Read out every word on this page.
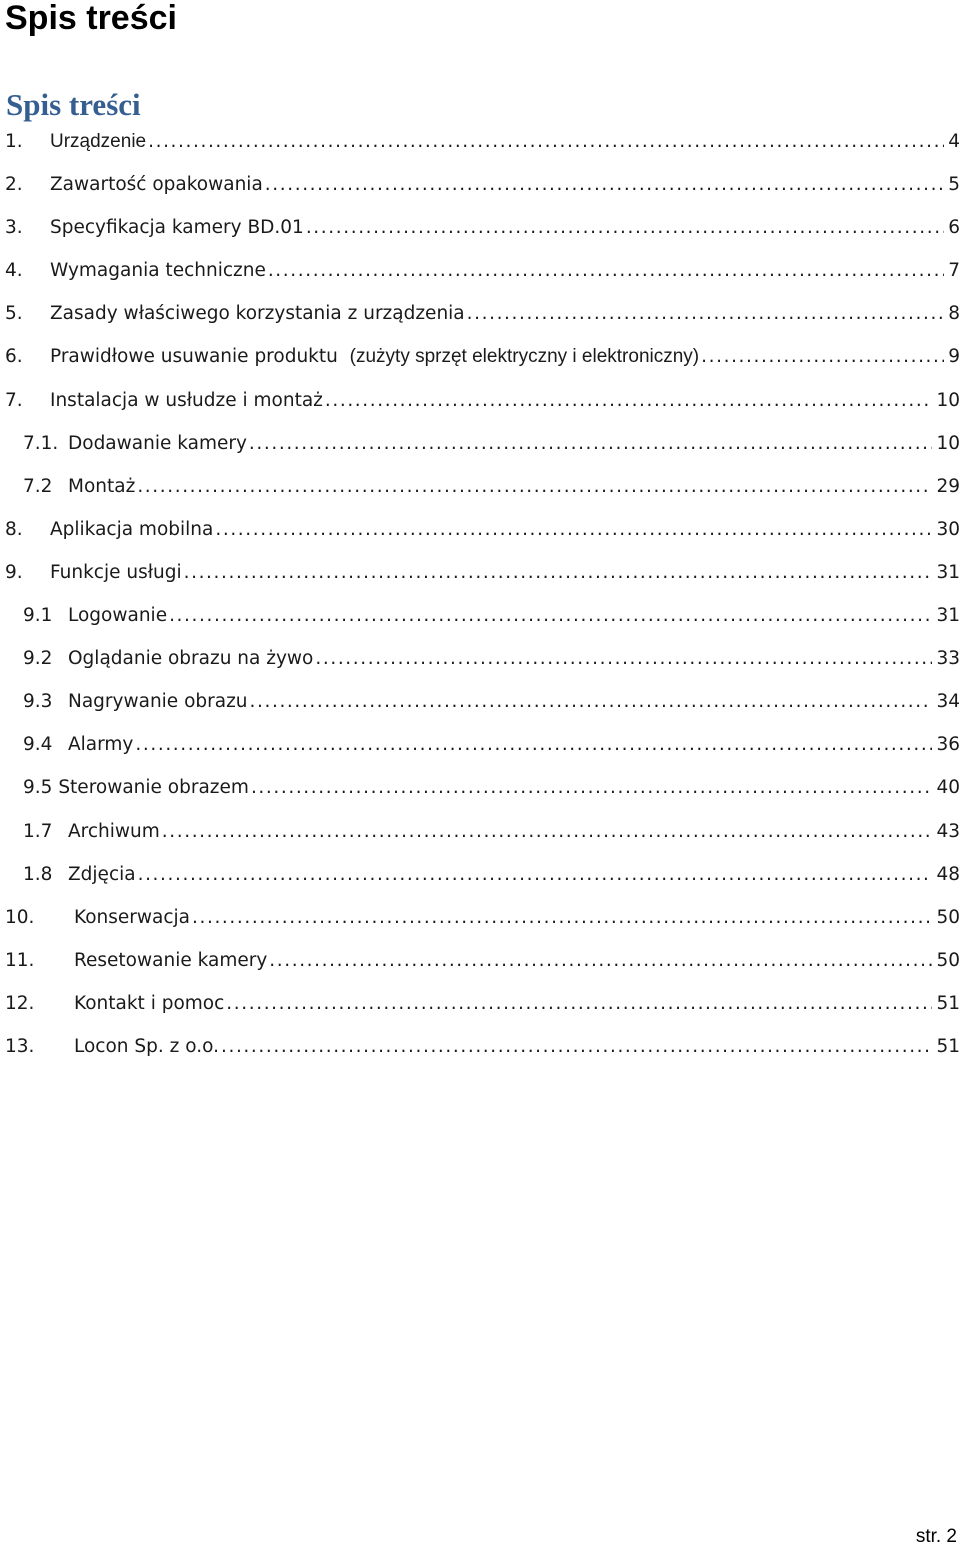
Spis treści
Spis treści
1.	Urządzenie .....	4
2.	Zawartość opakowania .....	5
3.	Specyfikacja kamery BD.01 .....	6
4.	Wymagania techniczne .....	7
5.	Zasady właściwego korzystania z urządzenia .....	8
6.	Prawidłowe usuwanie produktu (zużyty sprzęt elektryczny i elektroniczny) .....	9
7.	Instalacja w usłudze i montaż .....	10
7.1. Dodawanie kamery .....	10
7.2 Montaż .....	29
8.	Aplikacja mobilna .....	30
9.	Funkcje usługi .....	31
9.1 Logowanie .....	31
9.2 Oglądanie obrazu na żywo .....	33
9.3 Nagrywanie obrazu .....	34
9.4 Alarmy .....	36
9.5 Sterowanie obrazem .....	40
1.7 Archiwum .....	43
1.8 Zdjęcia .....	48
10.	Konserwacja .....	50
11.	Resetowanie kamery .....	50
12.	Kontakt i pomoc .....	51
13.	Locon Sp. z o.o. .....	51
str. 2
